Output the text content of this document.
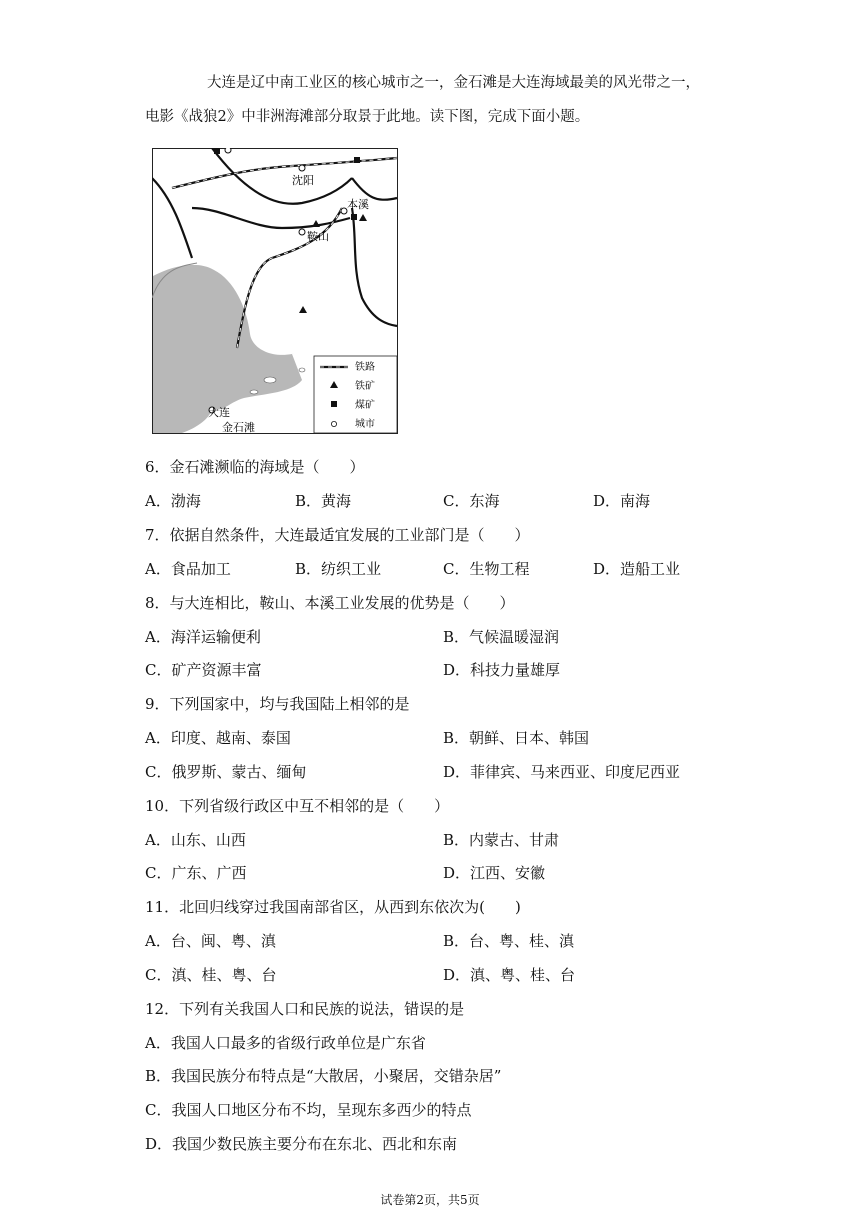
大连是辽中南工业区的核心城市之一，金石滩是大连海域最美的风光带之一，

电影《战狼2》中非洲海滩部分取景于此地。读下图，完成下面小题。

沈阳
本溪
鞍山
大连
金石滩
铁路
铁矿
煤矿
城市
6．金石滩濒临的海域是（　　）
A．渤海	B．黄海	C．东海	D．南海
7．依据自然条件，大连最适宜发展的工业部门是（　　）
A．食品加工	B．纺织工业	C．生物工程	D．造船工业
8．与大连相比，鞍山、本溪工业发展的优势是（　　）
A．海洋运输便利	B．气候温暖湿润
C．矿产资源丰富	D．科技力量雄厚
9．下列国家中，均与我国陆上相邻的是
A．印度、越南、泰国	B．朝鲜、日本、韩国
C．俄罗斯、蒙古、缅甸	D．菲律宾、马来西亚、印度尼西亚
10．下列省级行政区中互不相邻的是（　　）
A．山东、山西	B．内蒙古、甘肃
C．广东、广西	D．江西、安徽
11．北回归线穿过我国南部省区，从西到东依次为(　　)
A．台、闽、粤、滇	B．台、粤、桂、滇
C．滇、桂、粤、台	D．滇、粤、桂、台
12．下列有关我国人口和民族的说法，错误的是
A．我国人口最多的省级行政单位是广东省
B．我国民族分布特点是“大散居，小聚居，交错杂居”
C．我国人口地区分布不均，呈现东多西少的特点
D．我国少数民族主要分布在东北、西北和东南
试卷第2页，共5页
